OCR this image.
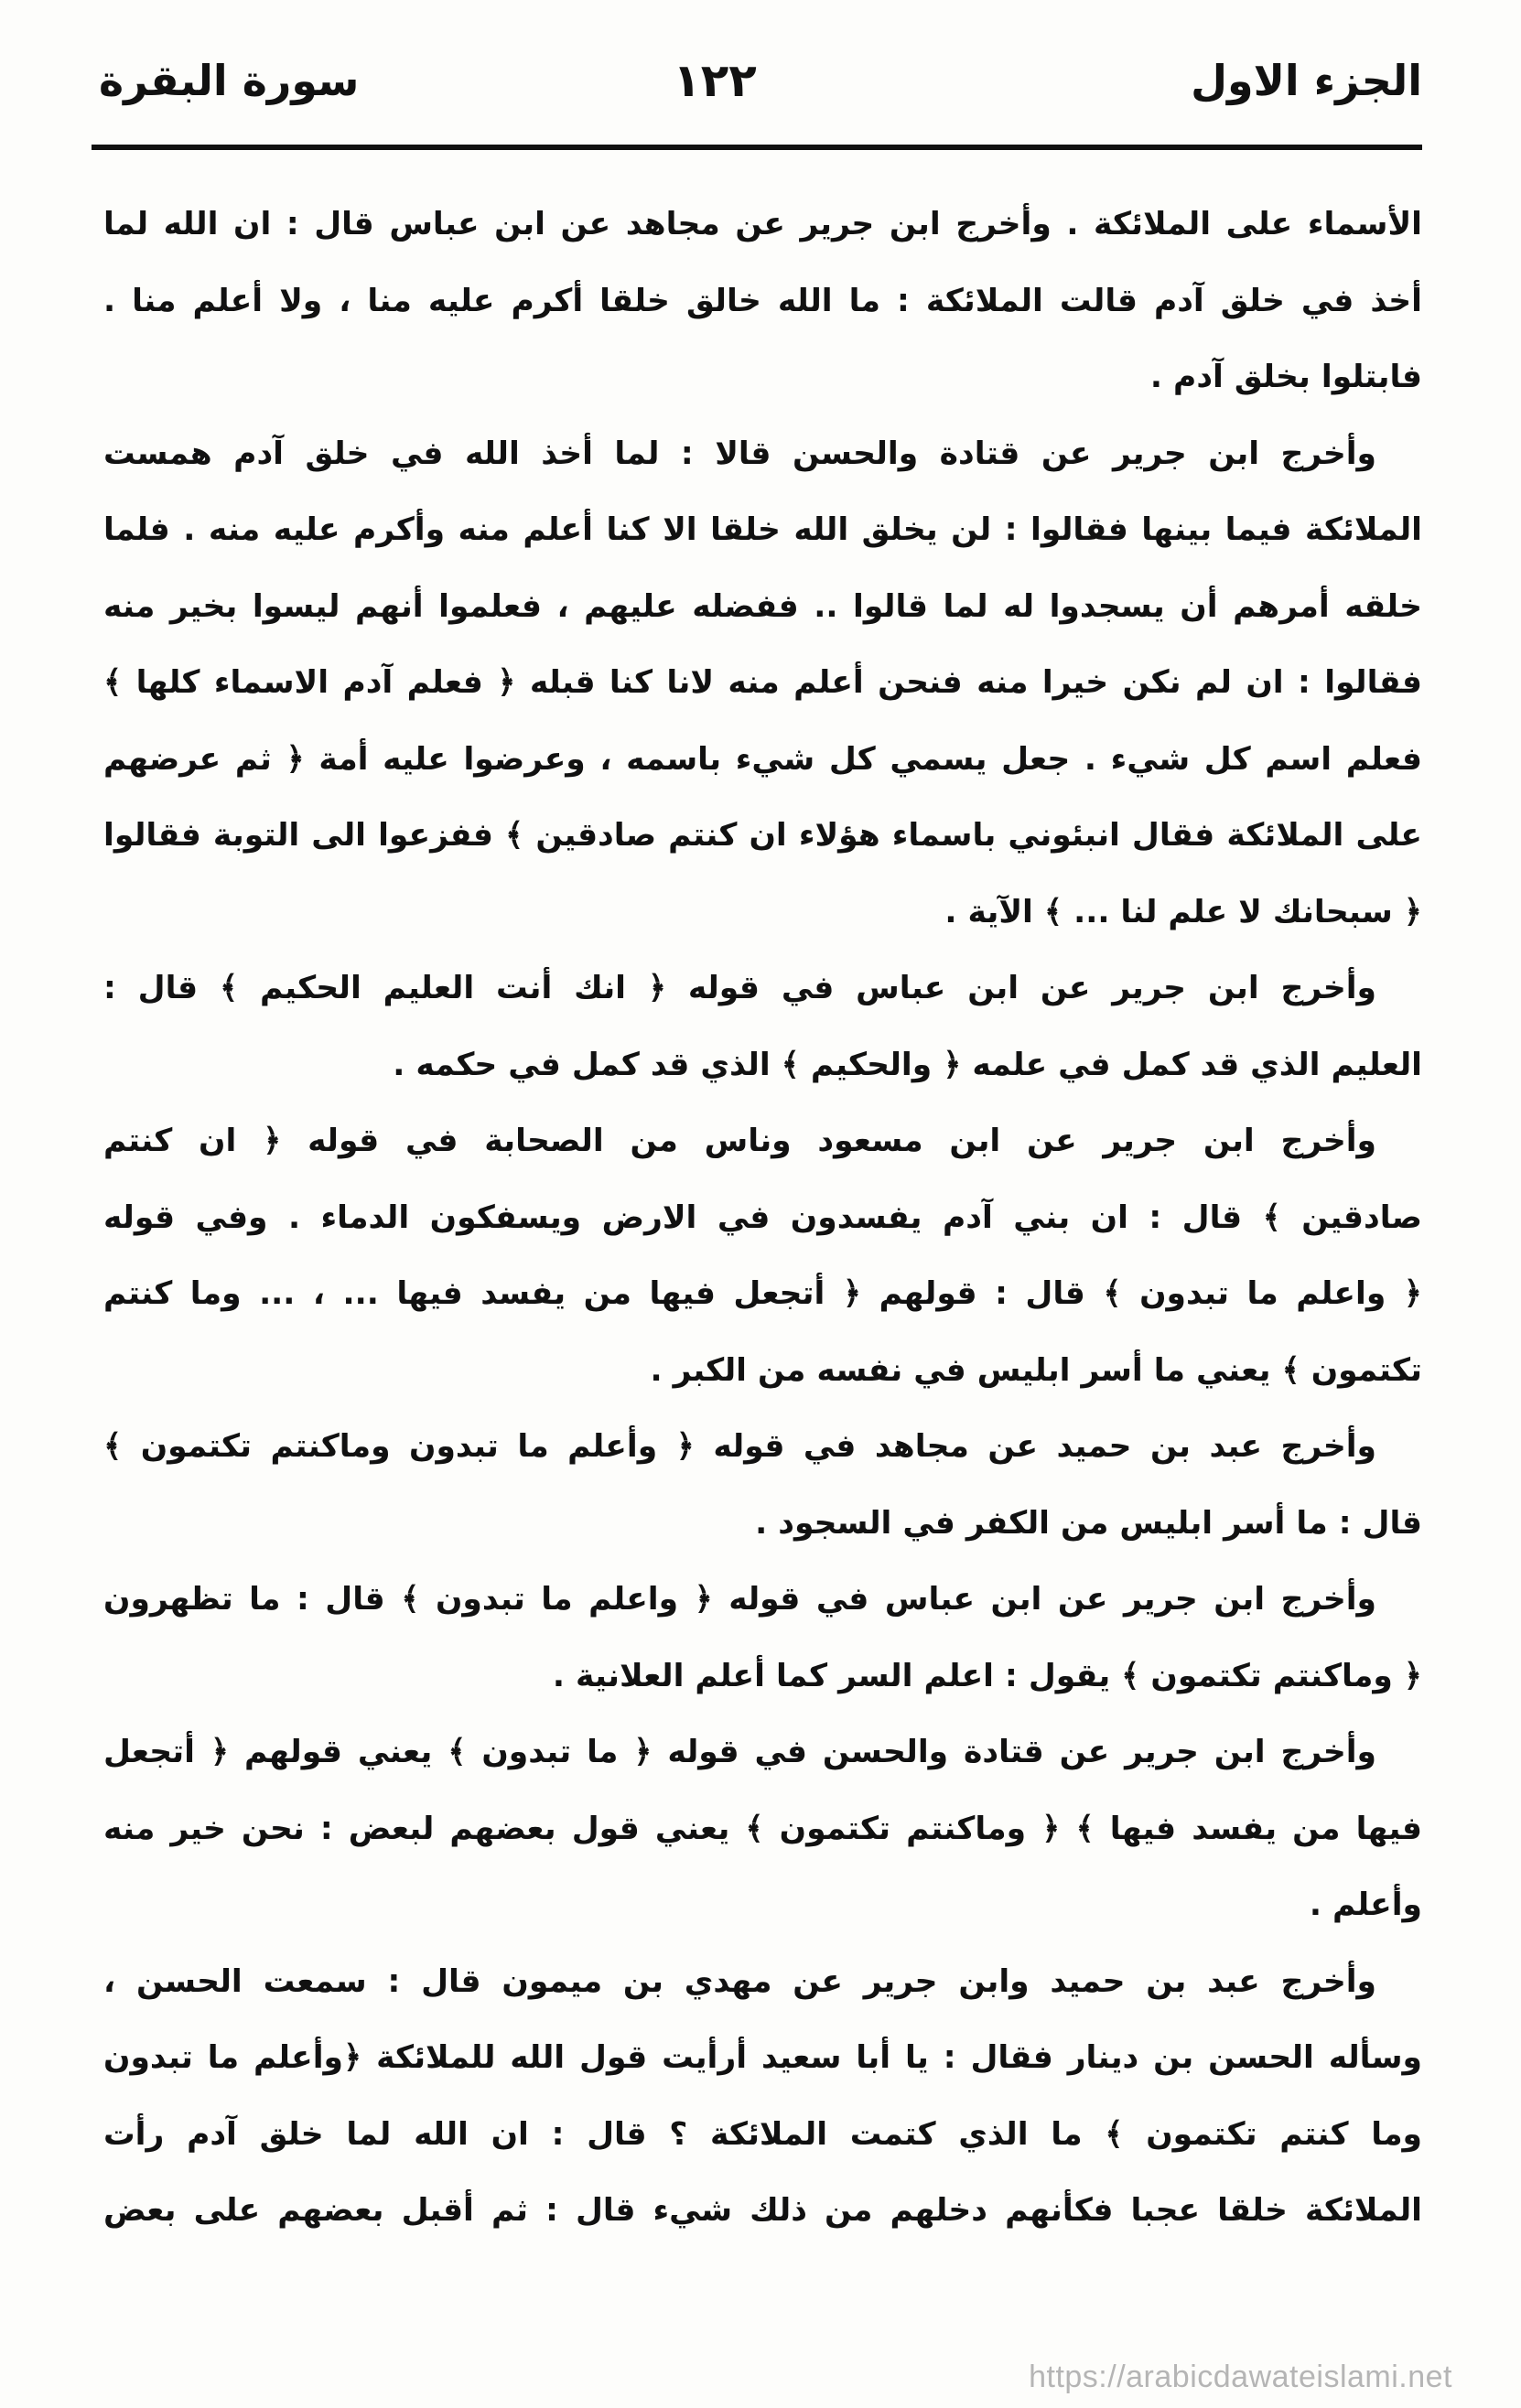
الجزء الاول
١٢٢
سورة البقرة
الأسماء على الملائكة . وأخرج ابن جرير عن مجاهد عن ابن عباس قال : ان الله لما
أخذ في خلق آدم قالت الملائكة : ما الله خالق خلقا أكرم عليه منا ، ولا أعلم منا .
فابتلوا بخلق آدم .
وأخرج ابن جرير عن قتادة والحسن قالا : لما أخذ الله في خلق آدم همست
الملائكة فيما بينها فقالوا : لن يخلق الله خلقا الا كنا أعلم منه وأكرم عليه منه . فلما
خلقه أمرهم أن يسجدوا له لما قالوا .. ففضله عليهم ، فعلموا أنهم ليسوا بخير منه
فقالوا : ان لم نكن خيرا منه فنحن أعلم منه لانا كنا قبله ﴿ فعلم آدم الاسماء كلها ﴾
فعلم اسم كل شيء . جعل يسمي كل شيء باسمه ، وعرضوا عليه أمة ﴿ ثم عرضهم
على الملائكة فقال انبئوني باسماء هؤلاء ان كنتم صادقين ﴾ ففزعوا الى التوبة فقالوا
﴿ سبحانك لا علم لنا ... ﴾ الآية .
وأخرج ابن جرير عن ابن عباس في قوله ﴿ انك أنت العليم الحكيم ﴾ قال :
العليم الذي قد كمل في علمه ﴿ والحكيم ﴾ الذي قد كمل في حكمه .
وأخرج ابن جرير عن ابن مسعود وناس من الصحابة في قوله ﴿ ان كنتم
صادقين ﴾ قال : ان بني آدم يفسدون في الارض ويسفكون الدماء . وفي قوله
﴿ واعلم ما تبدون ﴾ قال : قولهم ﴿ أتجعل فيها من يفسد فيها ... ، ... وما كنتم
تكتمون ﴾ يعني ما أسر ابليس في نفسه من الكبر .
وأخرج عبد بن حميد عن مجاهد في قوله ﴿ وأعلم ما تبدون وماكنتم تكتمون ﴾
قال : ما أسر ابليس من الكفر في السجود .
وأخرج ابن جرير عن ابن عباس في قوله ﴿ واعلم ما تبدون ﴾ قال : ما تظهرون
﴿ وماكنتم تكتمون ﴾ يقول : اعلم السر كما أعلم العلانية .
وأخرج ابن جرير عن قتادة والحسن في قوله ﴿ ما تبدون ﴾ يعني قولهم ﴿ أتجعل
فيها من يفسد فيها ﴾ ﴿ وماكنتم تكتمون ﴾ يعني قول بعضهم لبعض : نحن خير منه
وأعلم .
وأخرج عبد بن حميد وابن جرير عن مهدي بن ميمون قال : سمعت الحسن ،
وسأله الحسن بن دينار فقال : يا أبا سعيد أرأيت قول الله للملائكة ﴿وأعلم ما تبدون
وما كنتم تكتمون ﴾ ما الذي كتمت الملائكة ؟ قال : ان الله لما خلق آدم رأت
الملائكة خلقا عجبا فكأنهم دخلهم من ذلك شيء قال : ثم أقبل بعضهم على بعض
https://arabicdawateislami.net
